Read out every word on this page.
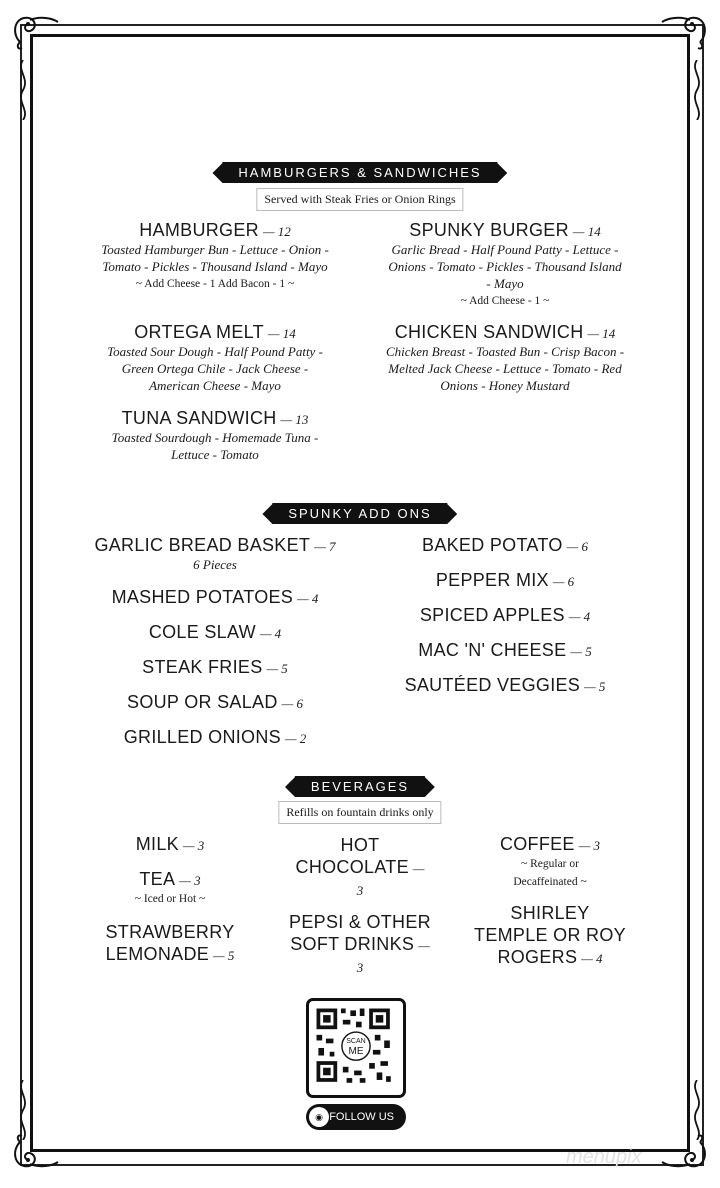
HAMBURGERS & SANDWICHES
Served with Steak Fries or Onion Rings
HAMBURGER — 12
Toasted Hamburger Bun - Lettuce - Onion - Tomato - Pickles - Thousand Island - Mayo
~ Add Cheese - 1 Add Bacon - 1 ~
SPUNKY BURGER — 14
Garlic Bread - Half Pound Patty - Lettuce - Onions - Tomato - Pickles - Thousand Island - Mayo
~ Add Cheese - 1 ~
ORTEGA MELT — 14
Toasted Sour Dough - Half Pound Patty - Green Ortega Chile - Jack Cheese - American Cheese - Mayo
CHICKEN SANDWICH — 14
Chicken Breast - Toasted Bun - Crisp Bacon - Melted Jack Cheese - Lettuce - Tomato - Red Onions - Honey Mustard
TUNA SANDWICH — 13
Toasted Sourdough - Homemade Tuna - Lettuce - Tomato
SPUNKY ADD ONS
GARLIC BREAD BASKET — 7
6 Pieces
MASHED POTATOES — 4
COLE SLAW — 4
STEAK FRIES — 5
SOUP OR SALAD — 6
GRILLED ONIONS — 2
BAKED POTATO — 6
PEPPER MIX — 6
SPICED APPLES — 4
MAC 'N' CHEESE — 5
SAUTÉED VEGGIES — 5
BEVERAGES
Refills on fountain drinks only
MILK — 3
TEA — 3
~ Iced or Hot ~
STRAWBERRY
LEMONADE — 5
HOT
CHOCOLATE —
3
PEPSI & OTHER
SOFT DRINKS —
3
COFFEE — 3
~ Regular or
Decaffeinated ~
SHIRLEY
TEMPLE OR ROY
ROGERS — 4
SCAN
ME
◉ FOLLOW US
menupix
